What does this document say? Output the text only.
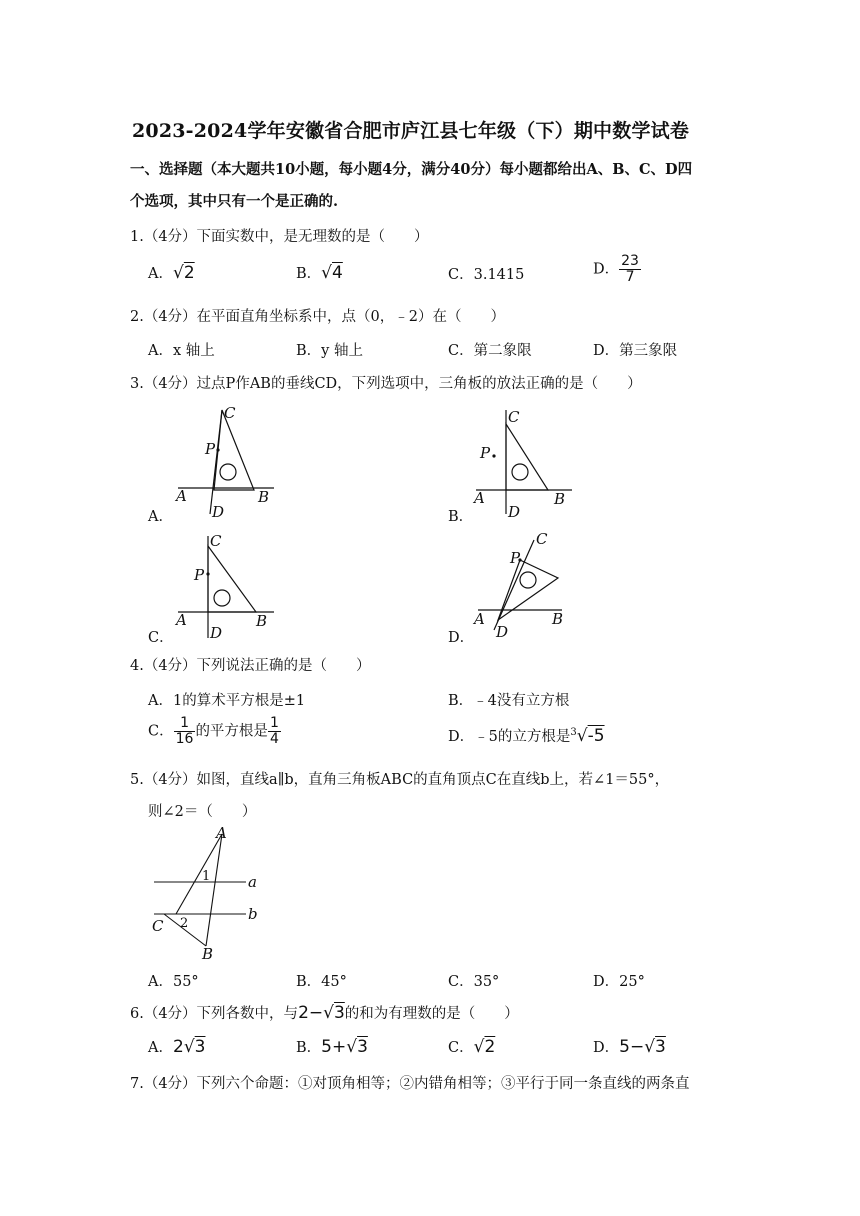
2023-2024学年安徽省合肥市庐江县七年级（下）期中数学试卷
一、选择题（本大题共10小题，每小题4分，满分40分）每小题都给出A、B、C、D四
个选项，其中只有一个是正确的.
1.（4分）下面实数中，是无理数的是（　　）
A．√2	B．√4	C．3.1415	D． $\frac{23}{7}$
2.（4分）在平面直角坐标系中，点（0，﹣2）在（　　）
A．x 轴上	B．y 轴上	C．第二象限	D．第三象限
3.（4分）过点P作AB的垂线CD，下列选项中，三角板的放法正确的是（　　）
C
P
A	B
D
A．
C
P
A	B
D
B．
C
P
A	B
D
C．
C
P
A	B
D
D．
4.（4分）下列说法正确的是（　　）
A．1的算术平方根是±1	B．﹣4没有立方根
C． $\frac{1}{16}$ 的平方根是 $\frac{1}{4}$	D．﹣5的立方根是$^3$√-5
5.（4分）如图，直线a∥b，直角三角板ABC的直角顶点C在直线b上，若∠1＝55°，
则∠2＝（　　）
A
a
b
1
2
C
B
A．55°	B．45°	C．35°	D．25°
6.（4分）下列各数中，与2−√3的和为有理数的是（　　）
A．2√3	B．5+√3	C．√2	D．5−√3
7.（4分）下列六个命题：①对顶角相等；②内错角相等；③平行于同一条直线的两条直
